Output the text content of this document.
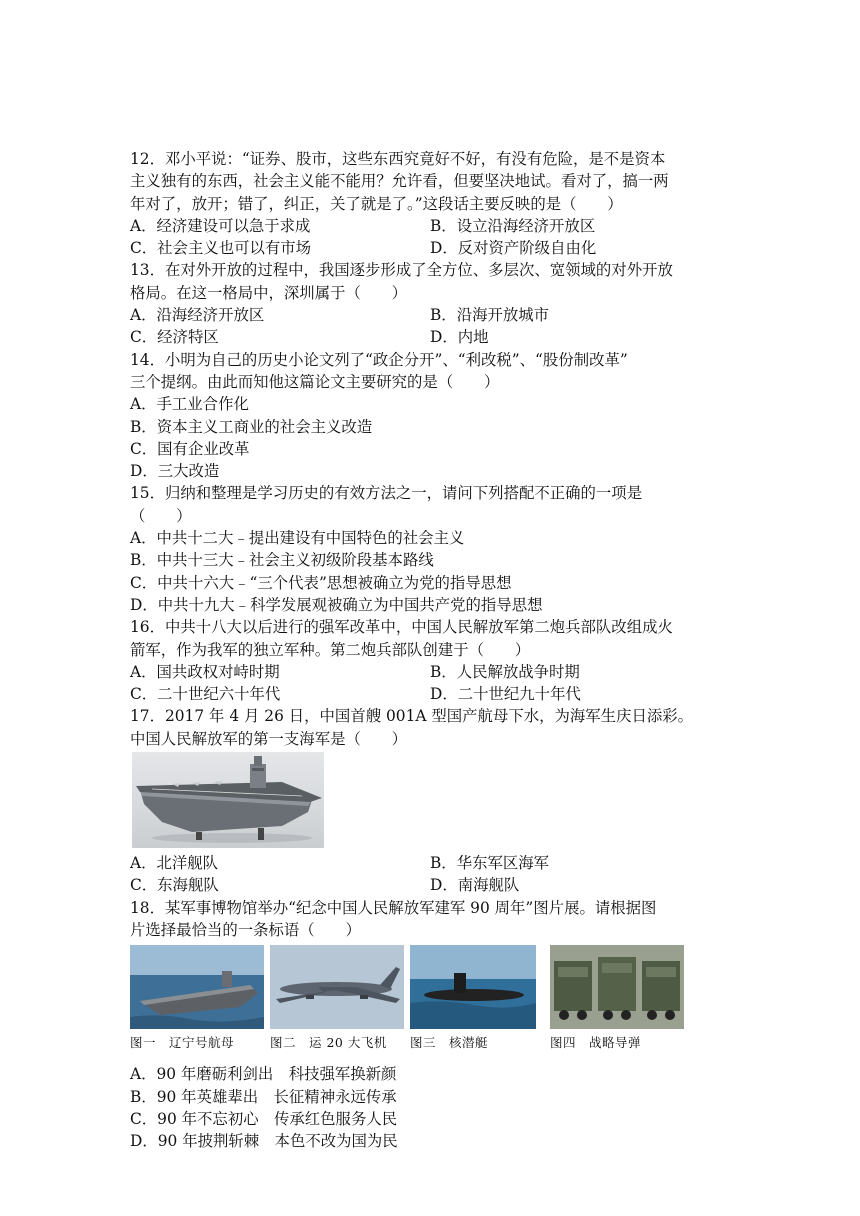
12．邓小平说：“证券、股市，这些东西究竟好不好，有没有危险，是不是资本
主义独有的东西，社会主义能不能用？允许看，但要坚决地试。看对了，搞一两
年对了，放开；错了，纠正，关了就是了。”这段话主要反映的是（　　）
A．经济建设可以急于求成	B．设立沿海经济开放区
C．社会主义也可以有市场	D．反对资产阶级自由化
13．在对外开放的过程中，我国逐步形成了全方位、多层次、宽领域的对外开放
格局。在这一格局中，深圳属于（　　）
A．沿海经济开放区	B．沿海开放城市
C．经济特区	D．内地
14．小明为自己的历史小论文列了“政企分开”、“利改税”、“股份制改革”
三个提纲。由此而知他这篇论文主要研究的是（　　）
A．手工业合作化
B．资本主义工商业的社会主义改造
C．国有企业改革
D．三大改造
15．归纳和整理是学习历史的有效方法之一，请问下列搭配不正确的一项是
（　　）
A．中共十二大﹣提出建设有中国特色的社会主义
B．中共十三大﹣社会主义初级阶段基本路线
C．中共十六大﹣“三个代表”思想被确立为党的指导思想
D．中共十九大﹣科学发展观被确立为中国共产党的指导思想
16．中共十八大以后进行的强军改革中，中国人民解放军第二炮兵部队改组成火
箭军，作为我军的独立军种。第二炮兵部队创建于（　　）
A．国共政权对峙时期	B．人民解放战争时期
C．二十世纪六十年代	D．二十世纪九十年代
17．2017 年 4 月 26 日，中国首艘 001A 型国产航母下水，为海军生庆日添彩。
中国人民解放军的第一支海军是（　　）
A．北洋舰队	B．华东军区海军
C．东海舰队	D．南海舰队
18．某军事博物馆举办“纪念中国人民解放军建军 90 周年”图片展。请根据图
片选择最恰当的一条标语（　　）
图一　辽宁号航母	图二　运 20 大飞机	图三　核潜艇	图四　战略导弹
A．90 年磨砺利剑出　科技强军换新颜
B．90 年英雄辈出　长征精神永远传承
C．90 年不忘初心　传承红色服务人民
D．90 年披荆斩棘　本色不改为国为民
